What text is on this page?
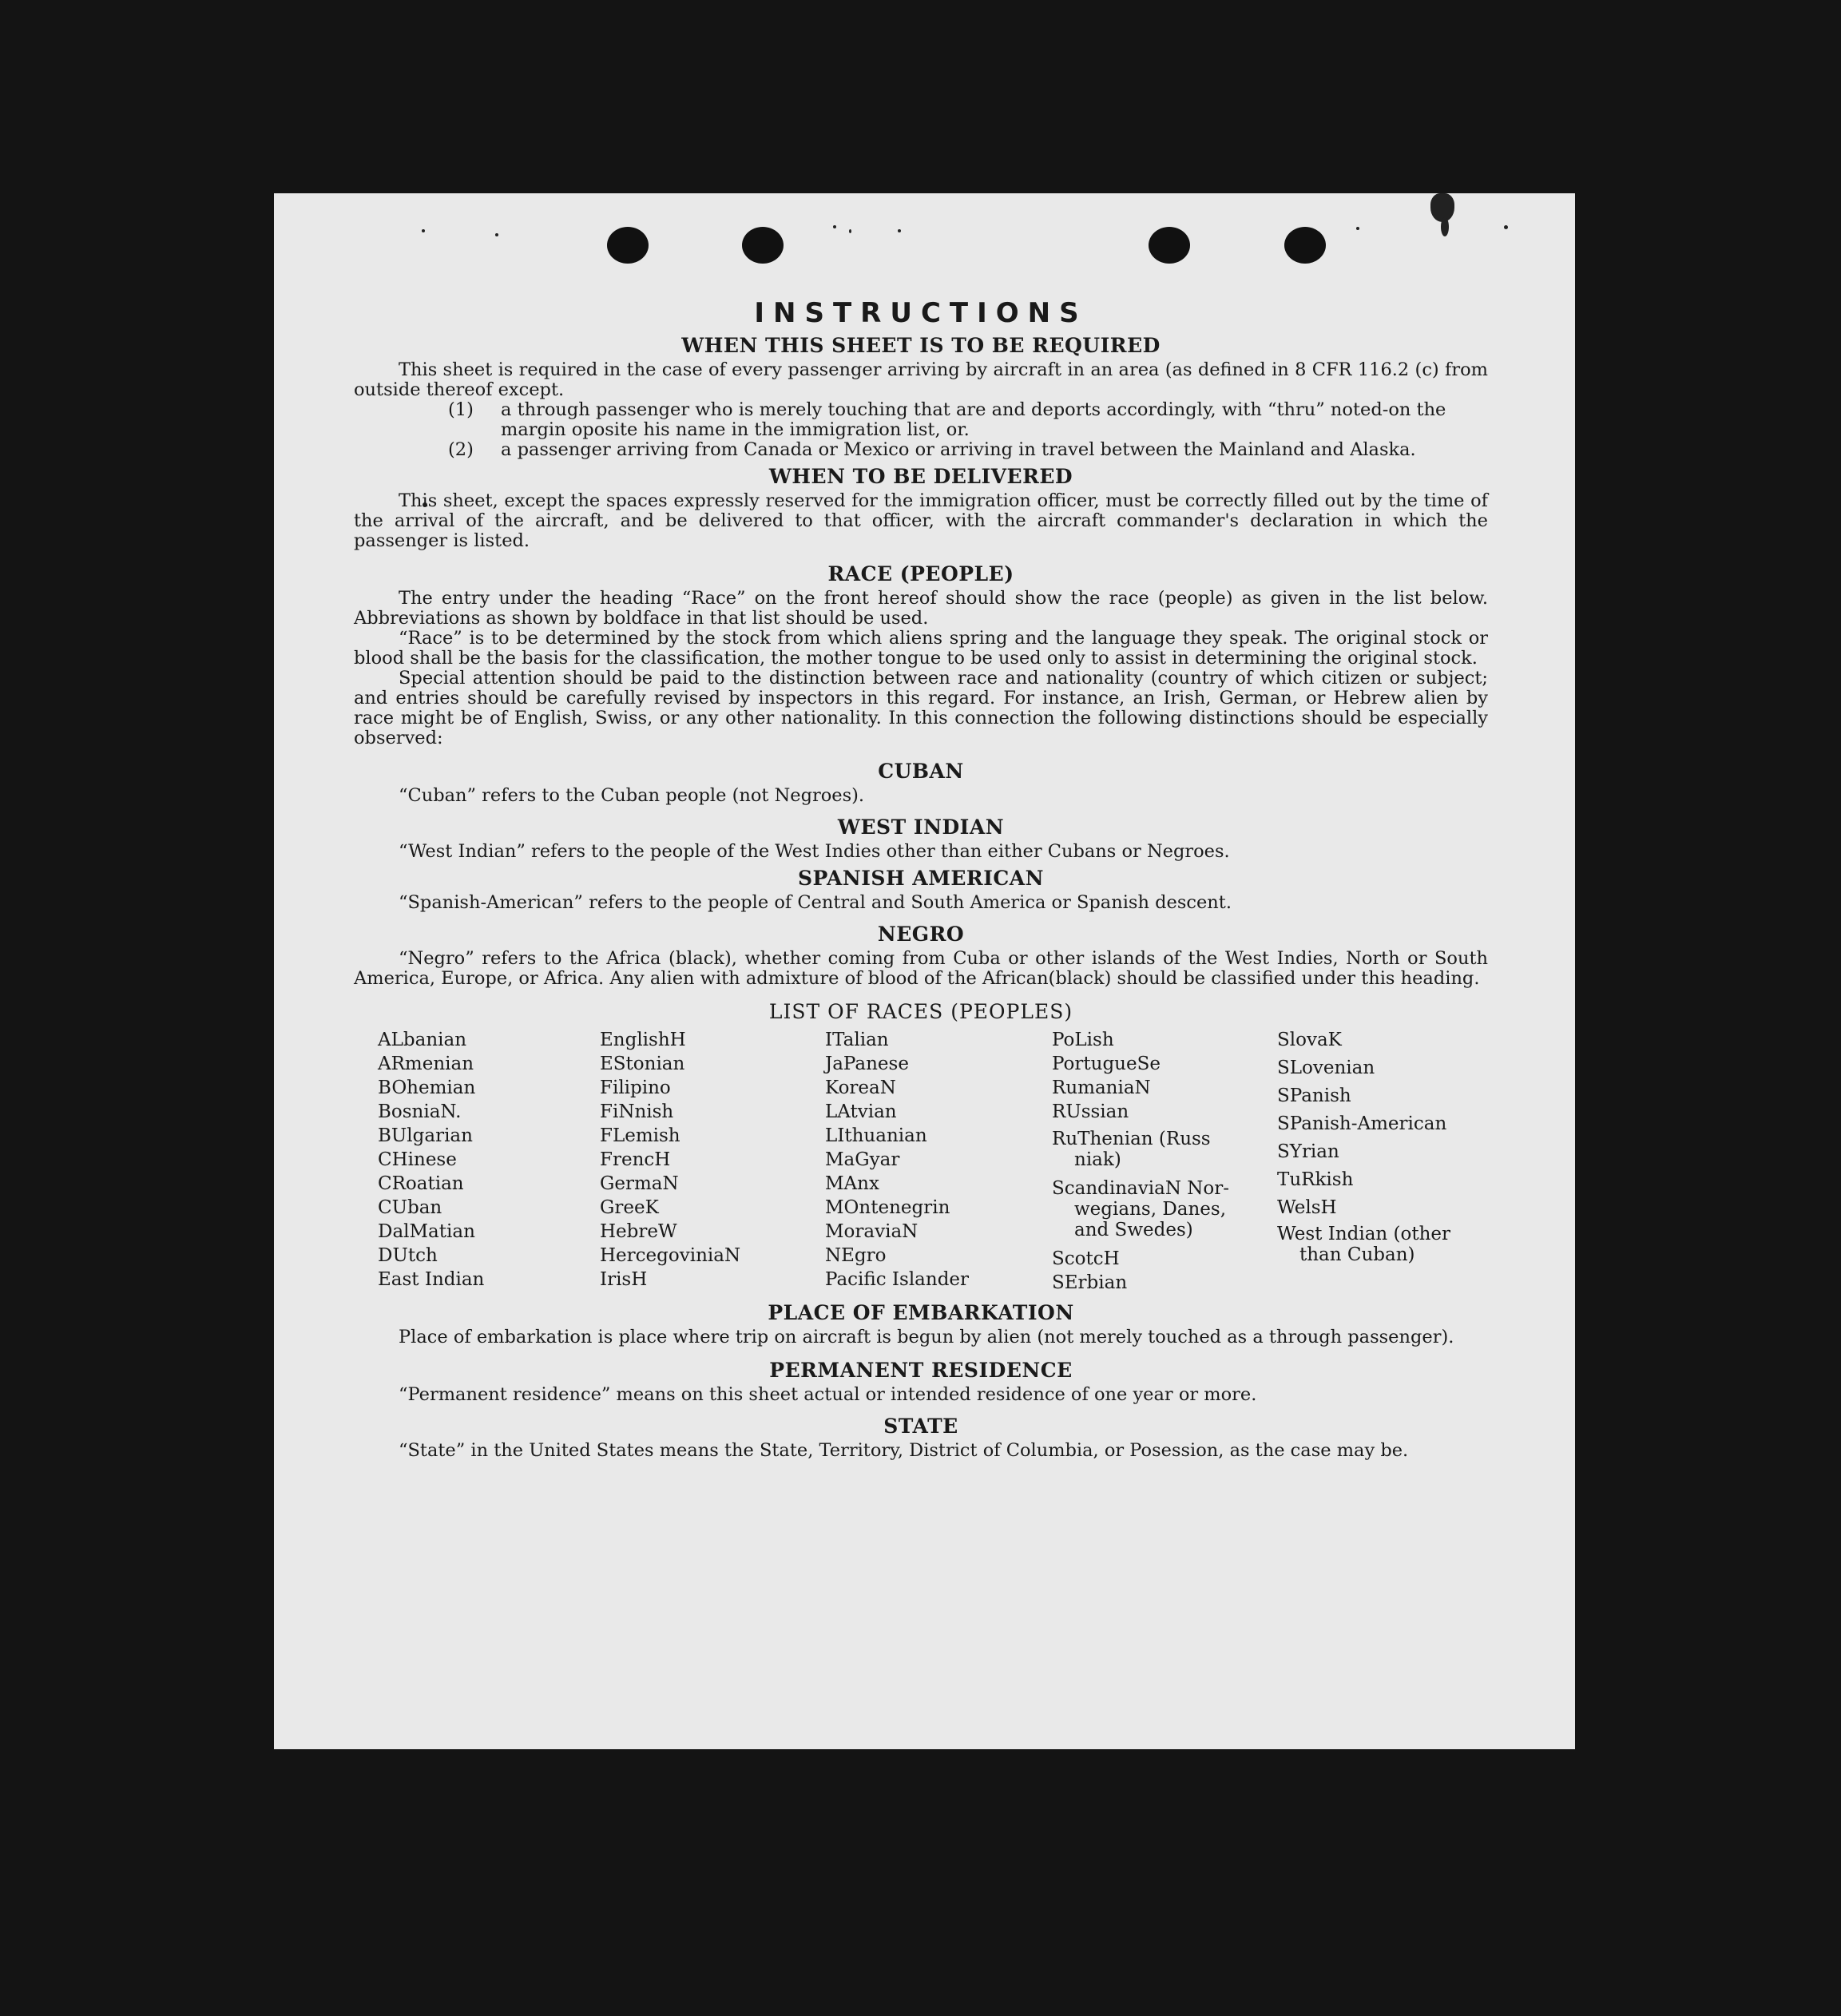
INSTRUCTIONS
WHEN THIS SHEET IS TO BE REQUIRED

This sheet is required in the case of every passenger arriving by aircraft in an area (as defined in 8 CFR 116.2 (c) from outside thereof except.

(1) a through passenger who is merely touching that are and deports accordingly, with “thru” noted-on the margin oposite his name in the immigration list, or.

(2) a passenger arriving from Canada or Mexico or arriving in travel between the Mainland and Alaska.

WHEN TO BE DELIVERED

This sheet, except the spaces expressly reserved for the immigration officer, must be correctly filled out by the time of the arrival of the aircraft, and be delivered to that officer, with the aircraft commander's declaration in which the passenger is listed.

RACE (PEOPLE)

The entry under the heading “Race” on the front hereof should show the race (people) as given in the list below. Abbreviations as shown by boldface in that list should be used.

“Race” is to be determined by the stock from which aliens spring and the language they speak. The original stock or blood shall be the basis for the classification, the mother tongue to be used only to assist in determining the original stock.

Special attention should be paid to the distinction between race and nationality (country of which citizen or subject; and entries should be carefully revised by inspectors in this regard. For instance, an Irish, German, or Hebrew alien by race might be of English, Swiss, or any other nationality. In this connection the following distinctions should be especially observed:

CUBAN

“Cuban” refers to the Cuban people (not Negroes).

WEST INDIAN

“West Indian” refers to the people of the West Indies other than either Cubans or Negroes.

SPANISH AMERICAN

“Spanish-American” refers to the people of Central and South America or Spanish descent.

NEGRO

“Negro” refers to the Africa (black), whether coming from Cuba or other islands of the West Indies, North or South America, Europe, or Africa. Any alien with admixture of blood of the African(black) should be classified under this heading.

LIST OF RACES (PEOPLES)
ALbanian
ARmenian
BOhemian
BosniaN.
BUlgarian
CHinese
CRoatian
CUban
DalMatian
DUtch
East Indian
EnglishH
EStonian
Filipino
FiNnish
FLemish
FrencH
GermaN
GreeK
HebreW
HercegoviniaN
IrisH
ITalian
JaPanese
KoreaN
LAtvian
LIthuanian
MaGyar
MAnx
MOntenegrin
MoraviaN
NEgro
Pacific Islander
PoLish
PortugueSe
RumaniaN
RUssian
RuThenian (Russ
niak)
ScandinaviaN Nor-
wegians, Danes,
and Swedes)
ScotcH
SErbian
SlovaK
SLovenian
SPanish
SPanish-American
SYrian
TuRkish
WelsH
West Indian (other
than Cuban)
PLACE OF EMBARKATION

Place of embarkation is place where trip on aircraft is begun by alien (not merely touched as a through passenger).

PERMANENT RESIDENCE

“Permanent residence” means on this sheet actual or intended residence of one year or more.

STATE

“State” in the United States means the State, Territory, District of Columbia, or Posession, as the case may be.
